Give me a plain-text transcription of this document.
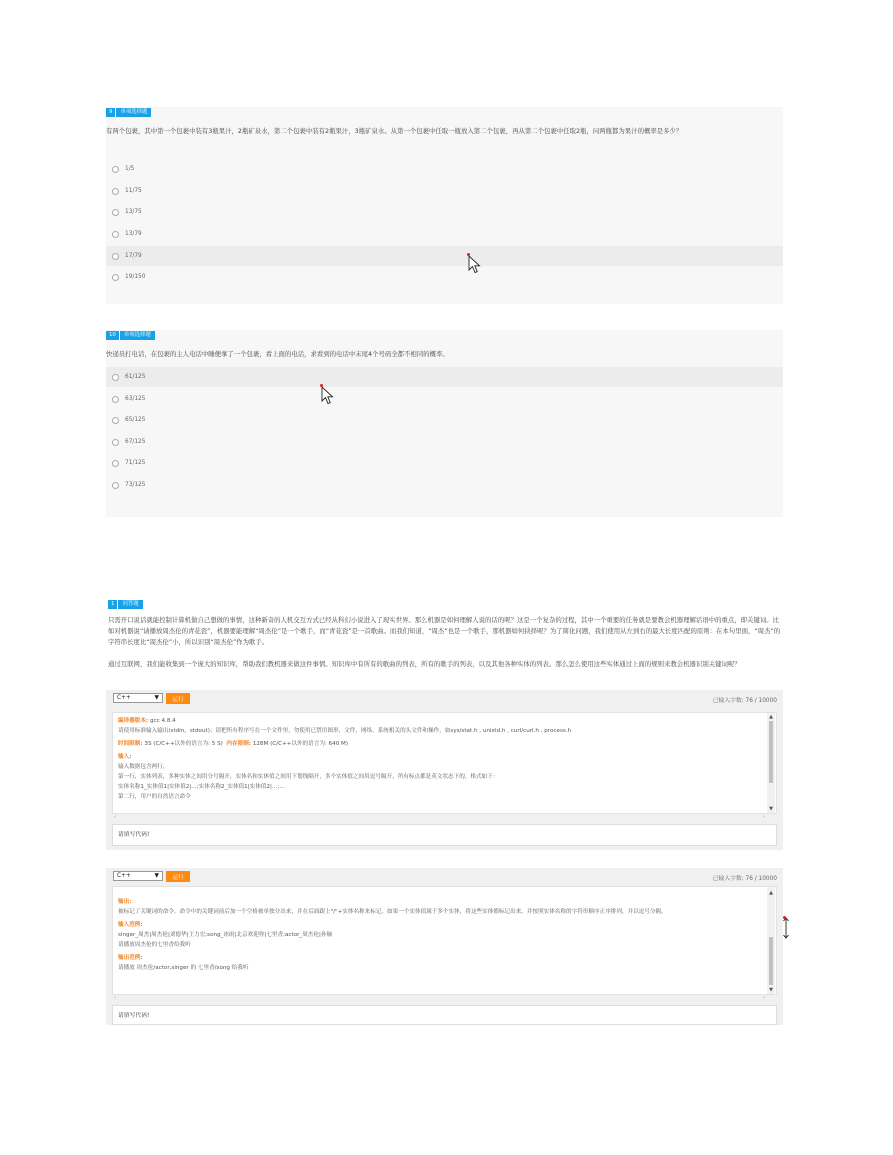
9	单项选择题
有两个包裹，其中第一个包裹中装有3瓶果汁，2瓶矿泉水，第二个包裹中装有2瓶果汁，3瓶矿泉水。从第一个包裹中任取一瓶放入第二个包裹，再从第二个包裹中任取2瓶，问两瓶都为果汁的概率是多少？
1/5
11/75
13/75
13/79
17/79
19/150
10	单项选择题
快递员打电话，在包裹的主人电话中睡便拿了一个包裹，看上面的电话，求看到的电话中末尾4个号码全都不相同的概率。
61/125
63/125
65/125
67/125
71/125
73/125
1	问答题
只需开口说话就能控制计算机做自己想做的事情，这种新奇的人机交互方式已经从科幻小说进入了现实世界。那么机器是如何理解人说的话的呢？这是一个复杂的过程，其中一个重要的任务就是要教会机器理解话语中的重点，即关键词。比如对机器说“请播放周杰伦的青花瓷”，机器要能理解“周杰伦”是一个歌手，而“青花瓷”是一首歌曲。而我们知道，“周杰”也是一个歌手，那机器如何抉择呢？为了简化问题，我们使用从左到右的最大长度匹配的原则：在本句里面，“周杰”的字符串长度比“周杰伦”小，所以识别“周杰伦”作为歌手。
通过互联网，我们能收集到一个庞大的知识库，帮助我们教机器来做这件事情。知识库中有所有的歌曲的列表，所有的歌手的列表，以及其他各种实体的列表。那么怎么使用这些实体通过上面的规则来教会机器识别关键词呢？
C++	▼	运行	已输入字数: 76 / 10000
编译器版本: gcc 4.8.4
请使用标准输入输出(stdin，stdout)；请把所有程序写在一个文件里，勿使用已禁用图形、文件、网络、系统相关的头文件和操作，如sys/stat.h , unistd.h , curl/curl.h , process.h
时间限制: 3S (C/C++以外的语言为: 5 S) 内存限制: 128M (C/C++以外的语言为: 640 M)
输入:
输入数据包含两行，
第一行，实体列表，多种实体之间用分号隔开，实体名和实体值之间用下划线隔开，多个实体值之间用逗号隔开，所有标点都是英文状态下的，格式如下：
实体名称1_实体值1|实体值2|…;实体名称2_实体值1|实体值2|…;…
第二行，用户的自然语言命令
▲
▼
‹	›
请填写代码!
C++	▼	运行	已输入字数: 76 / 10000
输出:
被标记了关键词的命令。命令中的关键词前后加一个空格被单独分出来，并在后面跟上"/"+实体名称来标记。如果一个实体值属于多个实体，将这些实体都标记出来，并按照实体名称的字符串顺序正序排列，并以逗号分隔。
输入范例:
singer_周杰|周杰伦|刘德华|王力宏;song_冰雨|北京欢迎你|七里香;actor_周杰伦|孙俪
请播放周杰伦的七里香给我听
输出范例:
请播放 周杰伦/actor,singer 的 七里香/song 给我听
▲
▼
‹	›
请填写代码!
